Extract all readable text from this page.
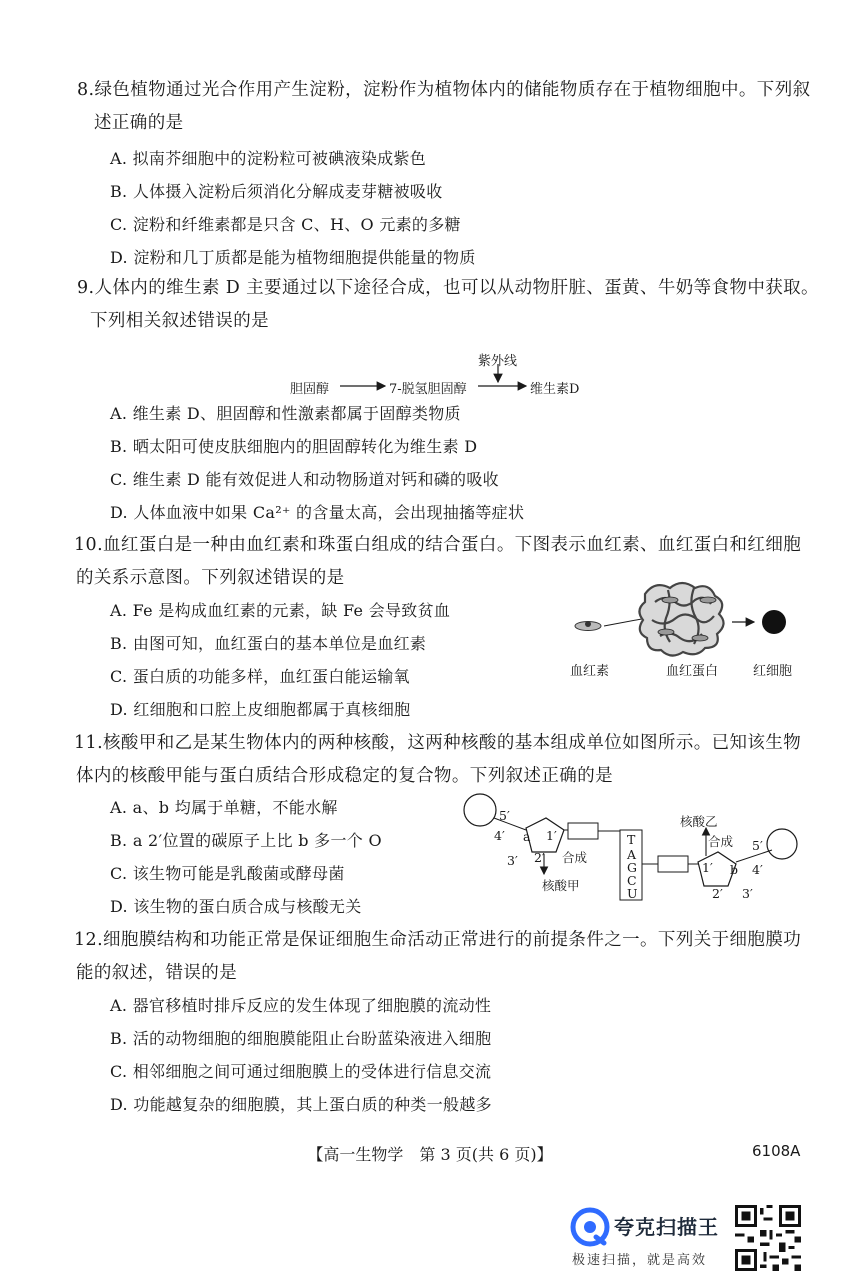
8.绿色植物通过光合作用产生淀粉，淀粉作为植物体内的储能物质存在于植物细胞中。下列叙
述正确的是
A. 拟南芥细胞中的淀粉粒可被碘液染成紫色
B. 人体摄入淀粉后须消化分解成麦芽糖被吸收
C. 淀粉和纤维素都是只含 C、H、O 元素的多糖
D. 淀粉和几丁质都是能为植物细胞提供能量的物质
9.人体内的维生素 D 主要通过以下途径合成，也可以从动物肝脏、蛋黄、牛奶等食物中获取。
下列相关叙述错误的是
紫外线
胆固醇	7-脱氢胆固醇	维生素D
A. 维生素 D、胆固醇和性激素都属于固醇类物质
B. 晒太阳可使皮肤细胞内的胆固醇转化为维生素 D
C. 维生素 D 能有效促进人和动物肠道对钙和磷的吸收
D. 人体血液中如果 Ca²⁺ 的含量太高，会出现抽搐等症状
10.血红蛋白是一种由血红素和珠蛋白组成的结合蛋白。下图表示血红素、血红蛋白和红细胞
的关系示意图。下列叙述错误的是
A. Fe 是构成血红素的元素，缺 Fe 会导致贫血
B. 由图可知，血红蛋白的基本单位是血红素
C. 蛋白质的功能多样，血红蛋白能运输氧
D. 红细胞和口腔上皮细胞都属于真核细胞
血红素	血红蛋白	红细胞
11.核酸甲和乙是某生物体内的两种核酸，这两种核酸的基本组成单位如图所示。已知该生物
体内的核酸甲能与蛋白质结合形成稳定的复合物。下列叙述正确的是
A. a、b 均属于单糖，不能水解
B. a 2′位置的碳原子上比 b 多一个 O
C. 该生物可能是乳酸菌或酵母菌
D. 该生物的蛋白质合成与核酸无关
5′
4′ a 1′
3′ 2′ 合成
核酸甲
T
A
G
C
U
核酸乙
合成 5′
1′ b 4′
2′ 3′
12.细胞膜结构和功能正常是保证细胞生命活动正常进行的前提条件之一。下列关于细胞膜功
能的叙述，错误的是
A. 器官移植时排斥反应的发生体现了细胞膜的流动性
B. 活的动物细胞的细胞膜能阻止台盼蓝染液进入细胞
C. 相邻细胞之间可通过细胞膜上的受体进行信息交流
D. 功能越复杂的细胞膜，其上蛋白质的种类一般越多
【高一生物学　第 3 页(共 6 页)】	6108A
夸克扫描王
极速扫描，就是高效
